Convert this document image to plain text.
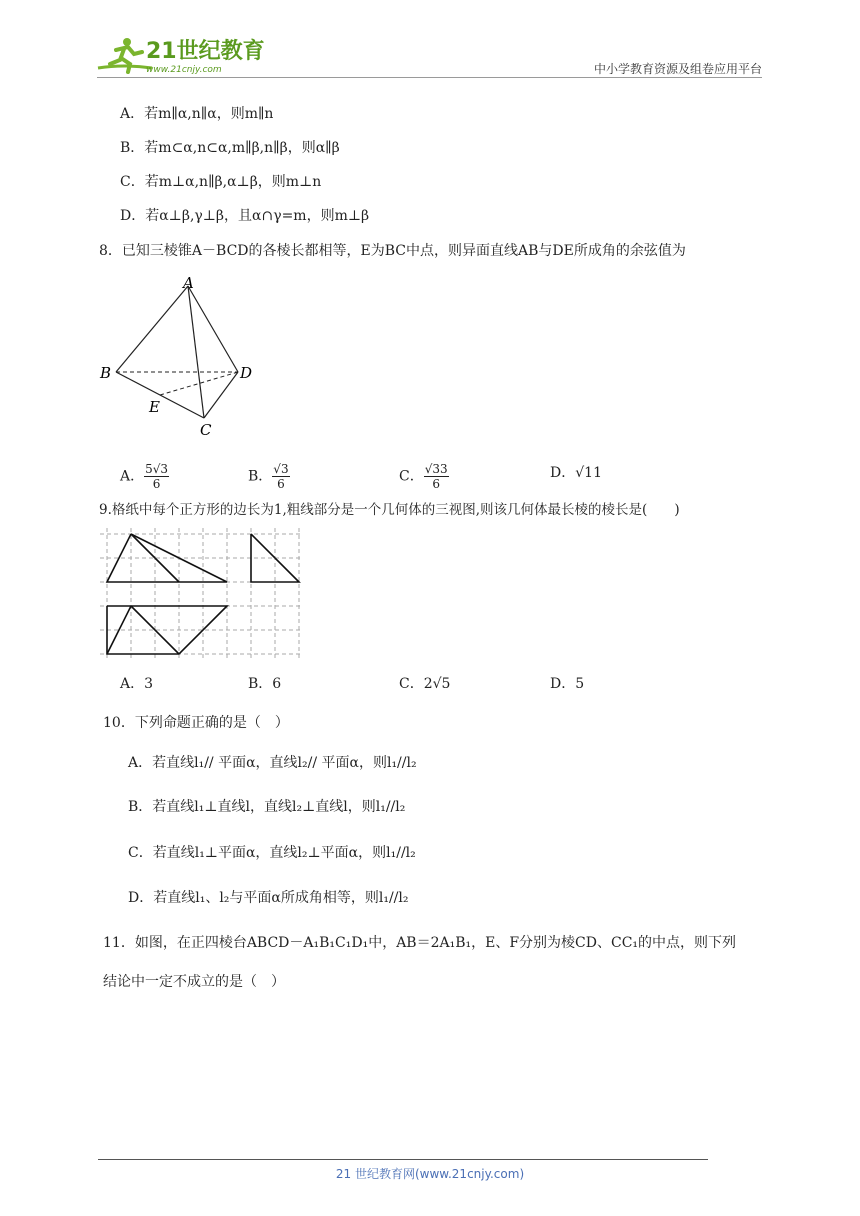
21世纪教育
www.21cnjy.com	中小学教育资源及组卷应用平台
A．若m∥α,n∥α，则m∥n
B．若m⊂α,n⊂α,m∥β,n∥β，则α∥β
C．若m⊥α,n∥β,α⊥β，则m⊥n
D．若α⊥β,γ⊥β，且α∩γ=m，则m⊥β
8．已知三棱锥A－BCD的各棱长都相等，E为BC中点，则异面直线AB与DE所成角的余弦值为
A
B
C
D
E
A． $\frac{5√3}{6}$	B． $\frac{√3}{6}$	C． $\frac{√33}{6}$	D．√11
9.格纸中每个正方形的边长为1,粗线部分是一个几何体的三视图,则该几何体最长棱的棱长是(　　)
A．3	B．6	C．2√5	D．5
10．下列命题正确的是（　）
A．若直线l₁// 平面α，直线l₂// 平面α，则l₁//l₂
B．若直线l₁⊥直线l，直线l₂⊥直线l，则l₁//l₂
C．若直线l₁⊥平面α，直线l₂⊥平面α，则l₁//l₂
D．若直线l₁、l₂与平面α所成角相等，则l₁//l₂
11．如图，在正四棱台ABCD－A₁B₁C₁D₁中，AB＝2A₁B₁，E、F分别为棱CD、CC₁的中点，则下列
结论中一定不成立的是（　）
21 世纪教育网(www.21cnjy.com)
